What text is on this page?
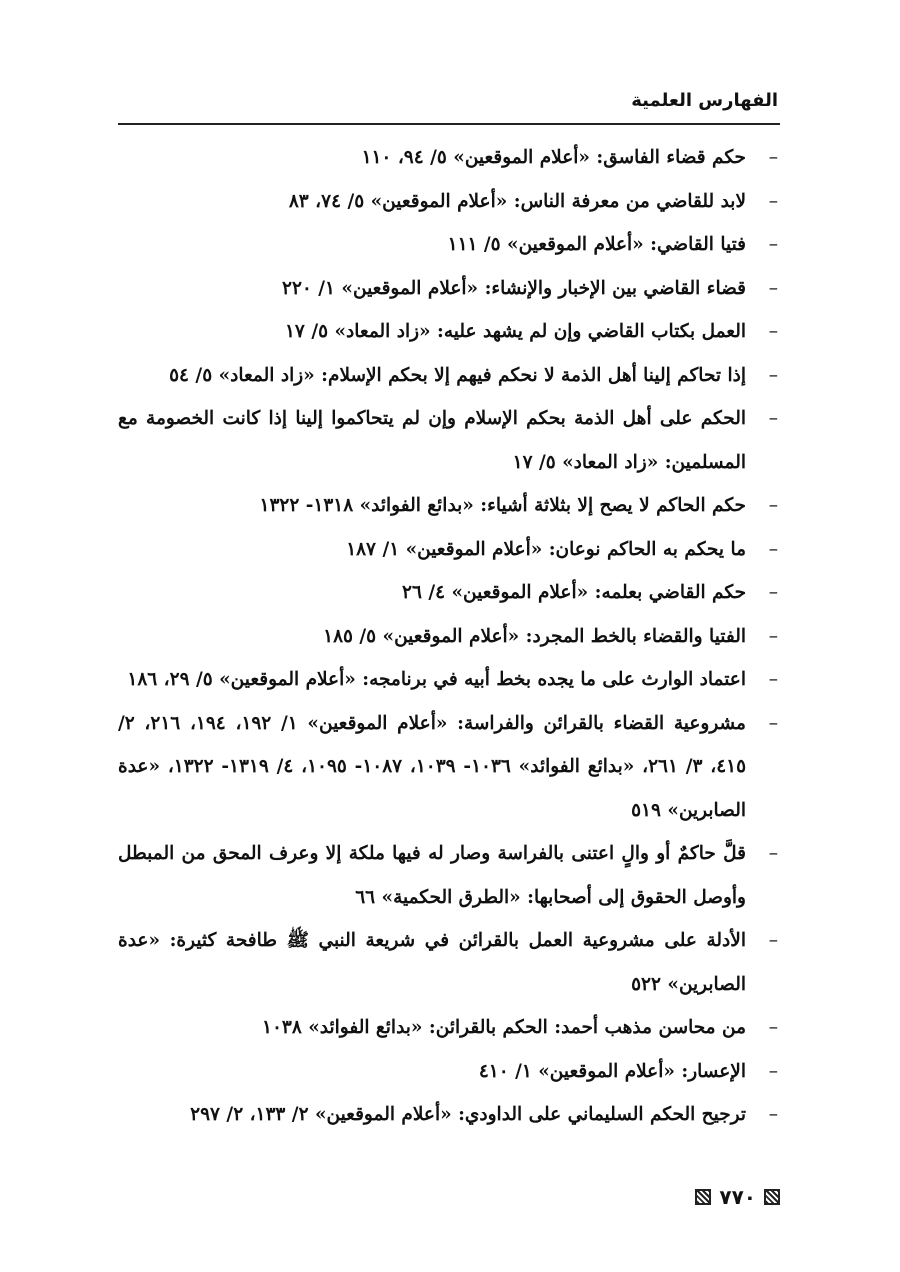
الفهارس العلمية
–
حكم قضاء الفاسق: «أعلام الموقعين» ٥/ ٩٤، ١١٠
–
لابد للقاضي من معرفة الناس: «أعلام الموقعين» ٥/ ٧٤، ٨٣
–
فتيا القاضي: «أعلام الموقعين» ٥/ ١١١
–
قضاء القاضي بين الإخبار والإنشاء: «أعلام الموقعين» ١/ ٢٢٠
–
العمل بكتاب القاضي وإن لم يشهد عليه: «زاد المعاد» ٥/ ١٧
–
إذا تحاكم إلينا أهل الذمة لا نحكم فيهم إلا بحكم الإسلام: «زاد المعاد» ٥/ ٥٤
–
الحكم على أهل الذمة بحكم الإسلام وإن لم يتحاكموا إلينا إذا كانت الخصومة مع المسلمين: «زاد المعاد» ٥/ ١٧
–
حكم الحاكم لا يصح إلا بثلاثة أشياء: «بدائع الفوائد» ١٣١٨- ١٣٢٢
–
ما يحكم به الحاكم نوعان: «أعلام الموقعين» ١/ ١٨٧
–
حكم القاضي بعلمه: «أعلام الموقعين» ٤/ ٢٦
–
الفتيا والقضاء بالخط المجرد: «أعلام الموقعين» ٥/ ١٨٥
–
اعتماد الوارث على ما يجده بخط أبيه في برنامجه: «أعلام الموقعين» ٥/ ٢٩، ١٨٦
–
مشروعية القضاء بالقرائن والفراسة: «أعلام الموقعين» ١/ ١٩٢، ١٩٤، ٢١٦، ٢/ ٤١٥، ٣/ ٢٦١، «بدائع الفوائد» ١٠٣٦- ١٠٣٩، ١٠٨٧- ١٠٩٥، ٤/ ١٣١٩- ١٣٢٢، «عدة الصابرين» ٥١٩
–
قلَّ حاكمٌ أو والٍ اعتنى بالفراسة وصار له فيها ملكة إلا وعرف المحق من المبطل وأوصل الحقوق إلى أصحابها: «الطرق الحكمية» ٦٦
–
الأدلة على مشروعية العمل بالقرائن في شريعة النبي ﷺ طافحة كثيرة: «عدة الصابرين» ٥٢٢
–
من محاسن مذهب أحمد: الحكم بالقرائن: «بدائع الفوائد» ١٠٣٨
–
الإعسار: «أعلام الموقعين» ١/ ٤١٠
–
ترجيح الحكم السليماني على الداودي: «أعلام الموقعين» ٢/ ١٣٣، ٢/ ٢٩٧
٧٧٠
